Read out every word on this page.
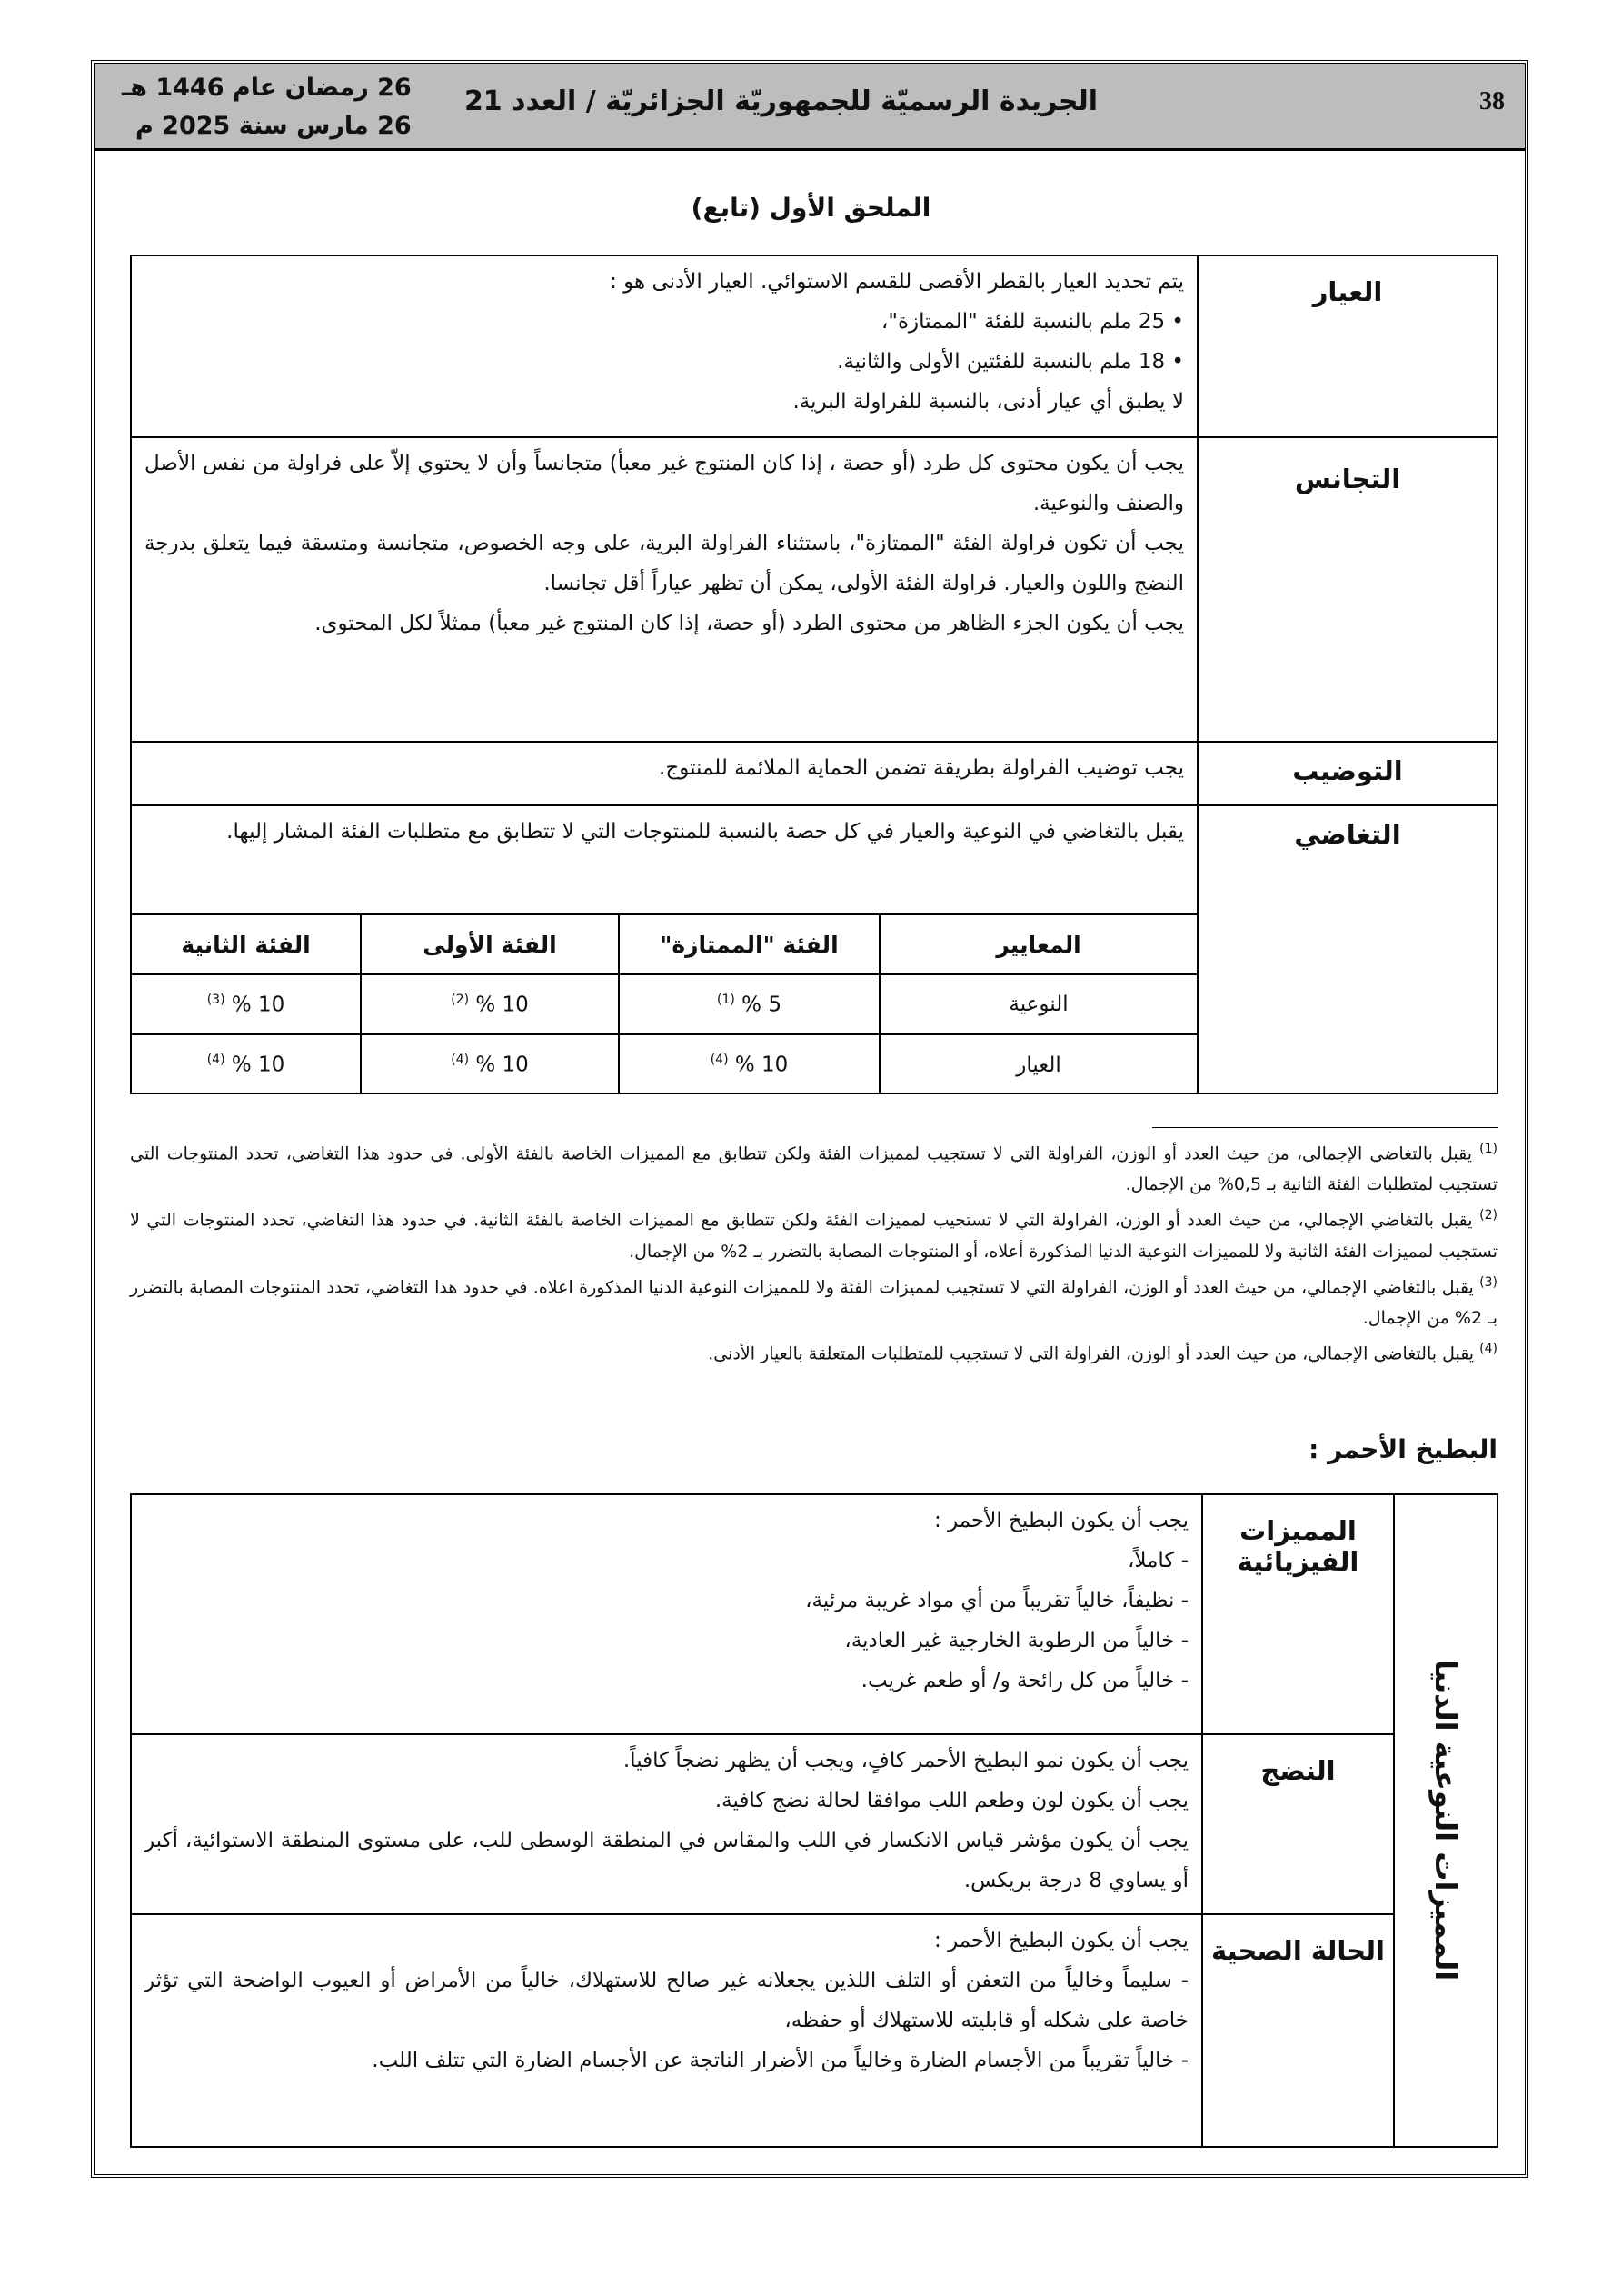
38
الجريدة الرسميّة للجمهوريّة الجزائريّة / العدد 21
26 رمضان عام 1446 هـ
26 مارس سنة 2025 م
الملحق الأول (تابع)
العيار	
يتم تحديد العيار بالقطر الأقصى للقسم الاستوائي. العيار الأدنى هو :
• 25 ملم بالنسبة للفئة "الممتازة"،
• 18 ملم بالنسبة للفئتين الأولى والثانية.
لا يطبق أي عيار أدنى، بالنسبة للفراولة البرية.

التجانس	
يجب أن يكون محتوى كل طرد (أو حصة ، إذا كان المنتوج غير معبأ) متجانساً وأن لا يحتوي إلاّ على فراولة من نفس الأصل والصنف والنوعية.
يجب أن تكون فراولة الفئة "الممتازة"، باستثناء الفراولة البرية، على وجه الخصوص، متجانسة ومتسقة فيما يتعلق بدرجة النضج واللون والعيار. فراولة الفئة الأولى، يمكن أن تظهر عياراً أقل تجانسا.
يجب أن يكون الجزء الظاهر من محتوى الطرد (أو حصة، إذا كان المنتوج غير معبأ) ممثلاً لكل المحتوى.

التوضيب	يجب توضيب الفراولة بطريقة تضمن الحماية الملائمة للمنتوج.
التغاضي	
يقبل بالتغاضي في النوعية والعيار في كل حصة بالنسبة للمنتوجات التي لا تتطابق مع متطلبات الفئة المشار إليها.
المعايير	الفئة "الممتازة"	الفئة الأولى	الفئة الثانية
النوعية	5 % $^{(1)}$	10 % $^{(2)}$	10 % $^{(3)}$
العيار	10 % $^{(4)}$	10 % $^{(4)}$	10 % $^{(4)}$
$^{(1)}$ يقبل بالتغاضي الإجمالي، من حيث العدد أو الوزن، الفراولة التي لا تستجيب لمميزات الفئة ولكن تتطابق مع المميزات الخاصة بالفئة الأولى. في حدود هذا التغاضي، تحدد المنتوجات التي تستجيب لمتطلبات الفئة الثانية بـ 0,5% من الإجمال.
$^{(2)}$ يقبل بالتغاضي الإجمالي، من حيث العدد أو الوزن، الفراولة التي لا تستجيب لمميزات الفئة ولكن تتطابق مع المميزات الخاصة بالفئة الثانية. في حدود هذا التغاضي، تحدد المنتوجات التي لا تستجيب لمميزات الفئة الثانية ولا للمميزات النوعية الدنيا المذكورة أعلاه، أو المنتوجات المصابة بالتضرر بـ 2% من الإجمال.
$^{(3)}$ يقبل بالتغاضي الإجمالي، من حيث العدد أو الوزن، الفراولة التي لا تستجيب لمميزات الفئة ولا للمميزات النوعية الدنيا المذكورة اعلاه. في حدود هذا التغاضي، تحدد المنتوجات المصابة بالتضرر بـ 2% من الإجمال.
$^{(4)}$ يقبل بالتغاضي الإجمالي، من حيث العدد أو الوزن، الفراولة التي لا تستجيب للمتطلبات المتعلقة بالعيار الأدنى.
البطيخ الأحمر :
المميزات النوعية الدنيا	المميزات الفيزيائية	يجب أن يكون البطيخ الأحمر :
- كاملاً،
- نظيفاً، خالياً تقريباً من أي مواد غريبة مرئية،
- خالياً من الرطوبة الخارجية غير العادية،
- خالياً من كل رائحة و/ أو طعم غريب.

	النضج	يجب أن يكون نمو البطيخ الأحمر كافٍ، ويجب أن يظهر نضجاً كافياً.
يجب أن يكون لون وطعم اللب موافقا لحالة نضج كافية.
يجب أن يكون مؤشر قياس الانكسار في اللب والمقاس في المنطقة الوسطى للب، على مستوى المنطقة الاستوائية، أكبر أو يساوي 8 درجة بريكس.

	الحالة الصحية	يجب أن يكون البطيخ الأحمر :
- سليماً وخالياً من التعفن أو التلف اللذين يجعلانه غير صالح للاستهلاك، خالياً من الأمراض أو العيوب الواضحة التي تؤثر خاصة على شكله أو قابليته للاستهلاك أو حفظه،
- خالياً تقريباً من الأجسام الضارة وخالياً من الأضرار الناتجة عن الأجسام الضارة التي تتلف اللب.
